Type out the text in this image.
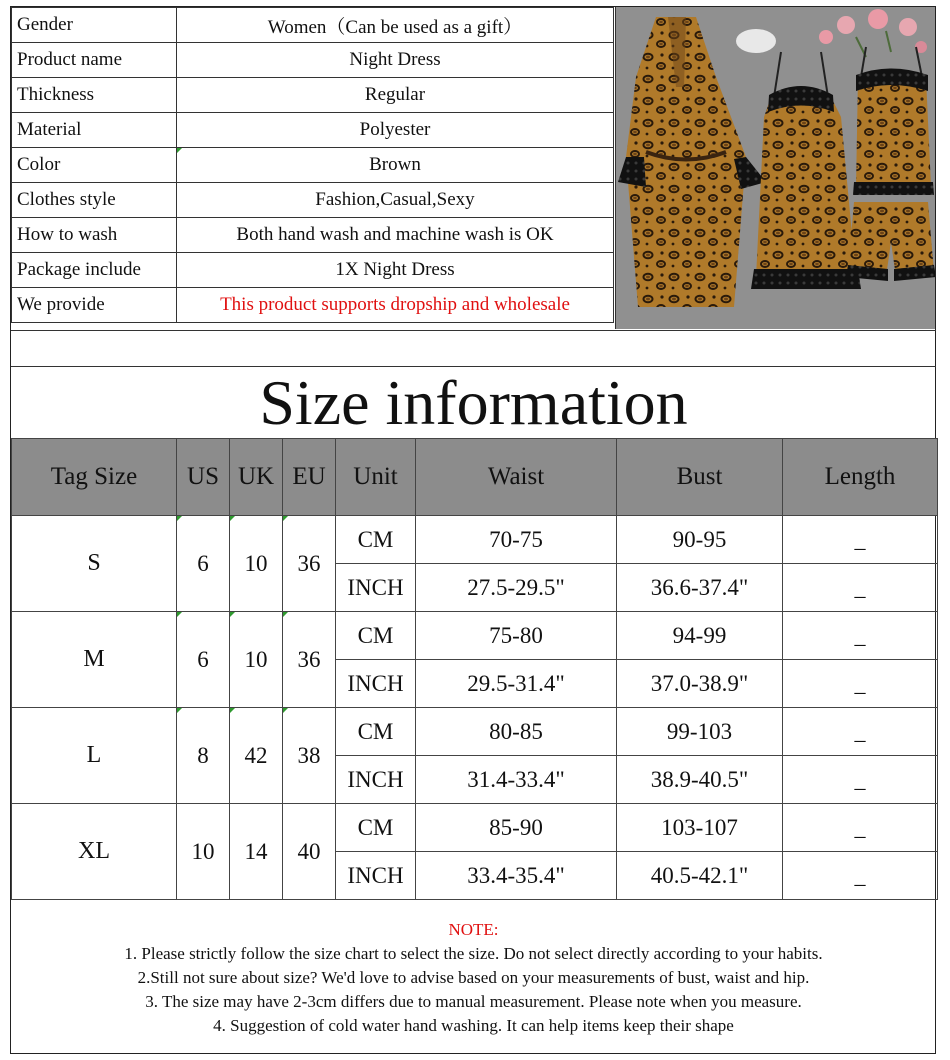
Gender	Women（Can be used as a gift）
Product name	Night Dress
Thickness	Regular
Material	Polyester
Color	Brown
Clothes style	Fashion,Casual,Sexy
How to wash	Both hand wash and machine wash is OK
Package include	1X Night Dress
We provide	This product supports dropship and wholesale
Size information
Tag Size	US	UK	EU	Unit	Waist	Bust	Length
S	6	10	36	CM	70-75	90-95	_
				INCH	27.5-29.5"	36.6-37.4"	_
M	6	10	36	CM	75-80	94-99	_
				INCH	29.5-31.4"	37.0-38.9"	_
L	8	42	38	CM	80-85	99-103	_
				INCH	31.4-33.4"	38.9-40.5"	_
XL	10	14	40	CM	85-90	103-107	_
				INCH	33.4-35.4"	40.5-42.1"	_
NOTE:
1. Please strictly follow the size chart to select the size. Do not select directly according to your habits.
2.Still not sure about size? We'd love to advise based on your measurements of bust, waist and hip.
3. The size may have 2-3cm differs due to manual measurement. Please note when you measure.
4. Suggestion of cold water hand washing. It can help items keep their shape
